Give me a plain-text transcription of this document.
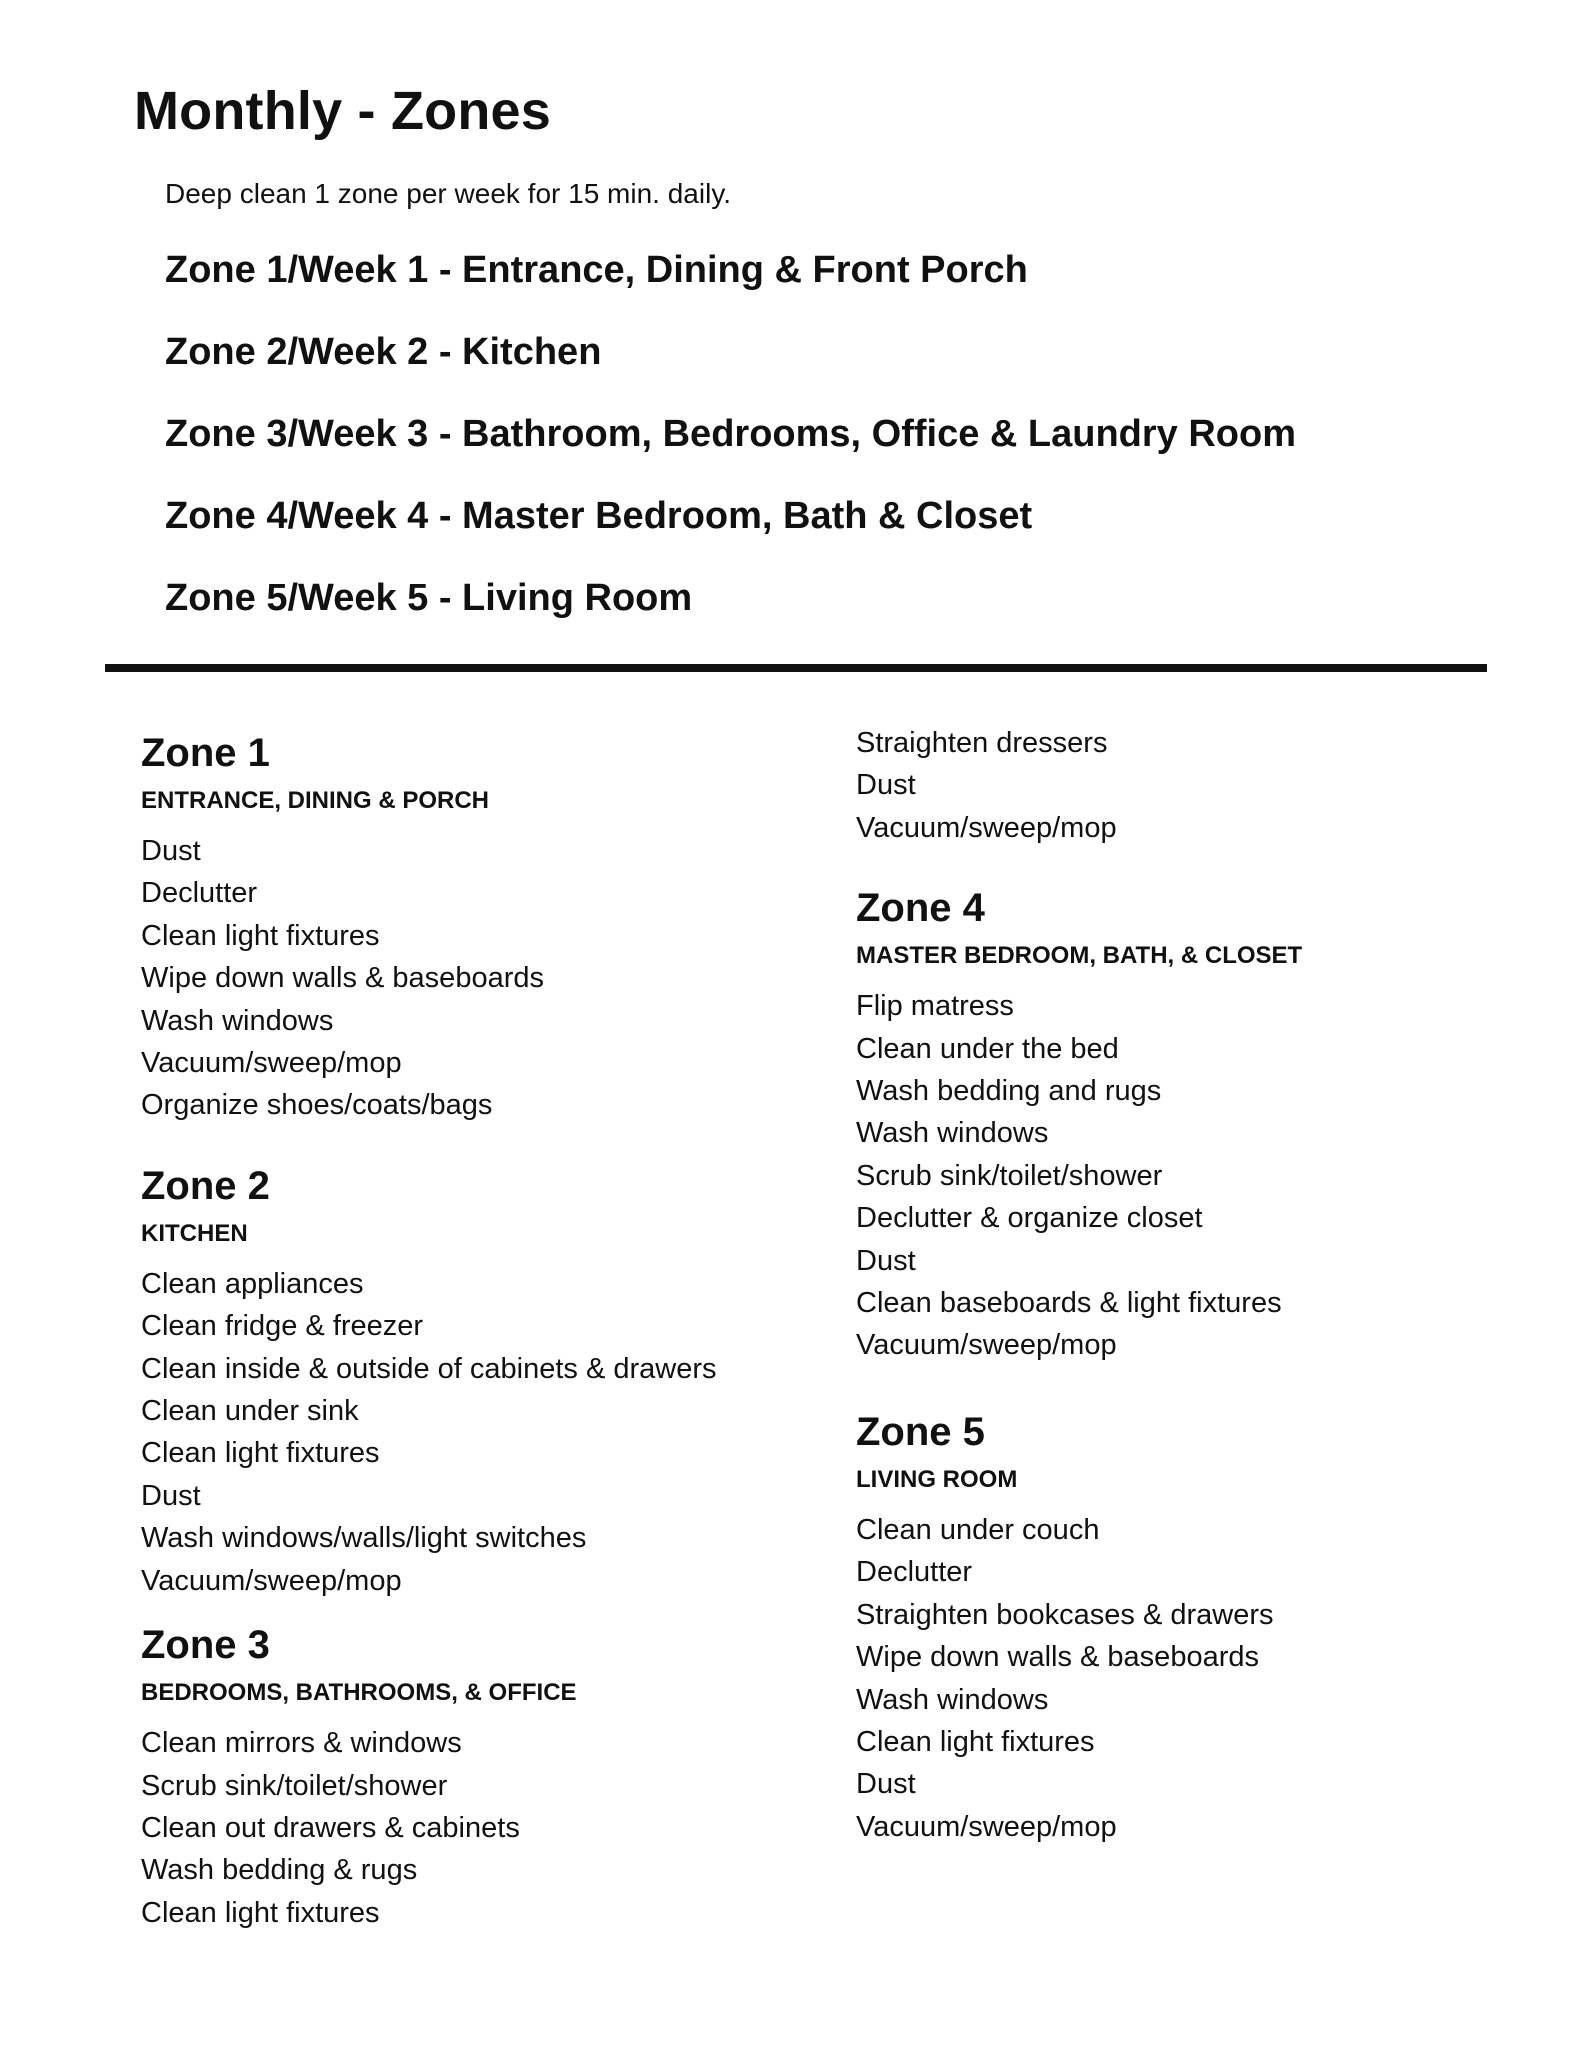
Monthly - Zones
Deep clean 1 zone per week for 15 min. daily.
Zone 1/Week 1 - Entrance, Dining & Front Porch
Zone 2/Week 2 - Kitchen
Zone 3/Week 3 - Bathroom, Bedrooms, Office & Laundry Room
Zone 4/Week 4 - Master Bedroom, Bath & Closet
Zone 5/Week 5 - Living Room
Zone 1
ENTRANCE, DINING & PORCH
Dust
Declutter
Clean light fixtures
Wipe down walls & baseboards
Wash windows
Vacuum/sweep/mop
Organize shoes/coats/bags
Zone 2
KITCHEN
Clean appliances
Clean fridge & freezer
Clean inside & outside of cabinets & drawers
Clean under sink
Clean light fixtures
Dust
Wash windows/walls/light switches
Vacuum/sweep/mop
Zone 3
BEDROOMS, BATHROOMS, & OFFICE
Clean mirrors & windows
Scrub sink/toilet/shower
Clean out drawers & cabinets
Wash bedding & rugs
Clean light fixtures
Straighten dressers
Dust
Vacuum/sweep/mop
Zone 4
MASTER BEDROOM, BATH, & CLOSET
Flip matress
Clean under the bed
Wash bedding and rugs
Wash windows
Scrub sink/toilet/shower
Declutter & organize closet
Dust
Clean baseboards & light fixtures
Vacuum/sweep/mop
Zone 5
LIVING ROOM
Clean under couch
Declutter
Straighten bookcases & drawers
Wipe down walls & baseboards
Wash windows
Clean light fixtures
Dust
Vacuum/sweep/mop
